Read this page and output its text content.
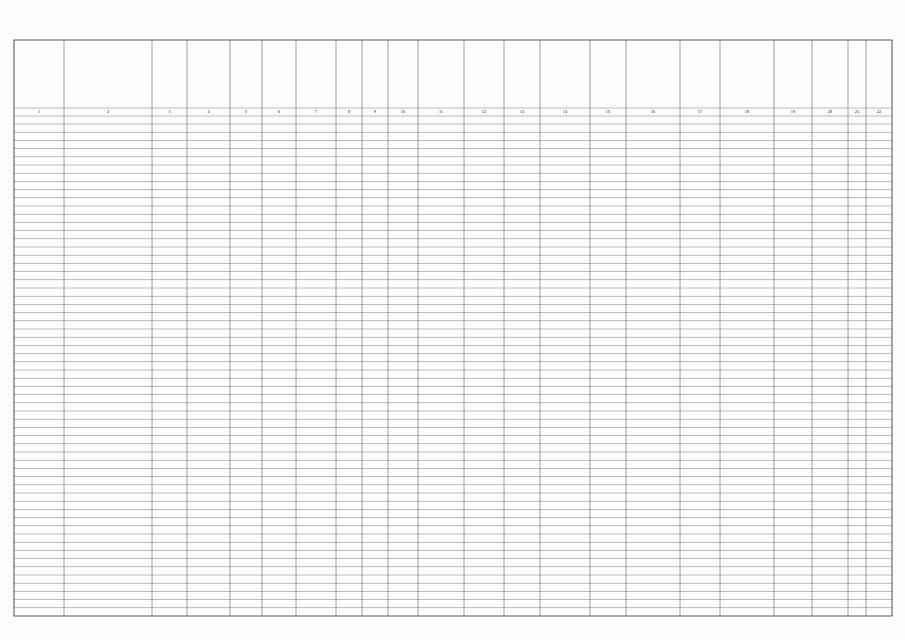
1	2	3	4	5	6	7	8	9	10	11	12	13	14	15	16	17	18	19	20	21	22
